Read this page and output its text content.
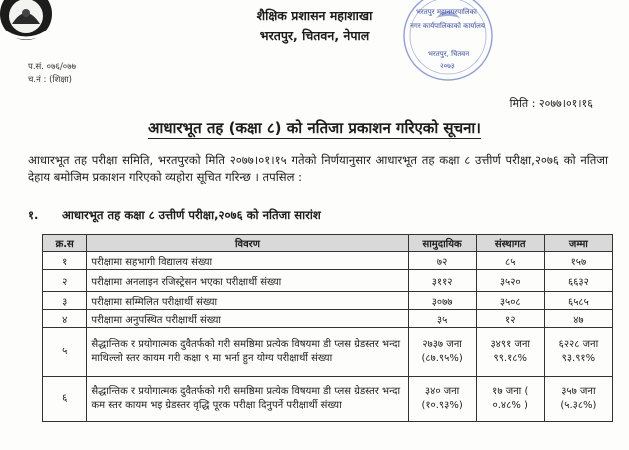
भरतपुर महानगरपालिका
नगर कार्यपालिकाको कार्यालय
भरतपुर, चितवन
२०७३
शैक्षिक प्रशासन महाशाखा
भरतपुर, चितवन, नेपाल
प.सं. ०७६/०७७
च.नं : (शिक्षा)
मिति : २०७७।०१।१६
आधारभूत तह (कक्षा ८) को नतिजा प्रकाशन गरिएको सूचना।
आधारभूत तह परीक्षा समिति, भरतपुरको मिति २०७७।०१।१५ गतेको निर्णयानुसार आधारभूत तह कक्षा ८ उत्तीर्ण परीक्षा,२०७६ को नतिजा देहाय बमोजिम प्रकाशन गरिएको व्यहोरा सूचित गरिन्छ । तपसिल :
१. आधारभूत तह कक्षा ८ उत्तीर्ण परीक्षा,२०७६ को नतिजा सारांश
क्र.स	विवरण	सामुदायिक	संस्थागत	जम्मा
१	परीक्षामा सहभागी विद्यालय संख्या	७२	८५	१५७
२	परीक्षामा अनलाइन रजिस्ट्रेसन भएका परीक्षार्थी संख्या	३११२	३५२०	६६३२
३	परीक्षामा सम्मिलित परीक्षार्थी संख्या	३०७७	३५०८	६५८५
४	परीक्षामा अनुपस्थित परीक्षार्थी संख्या	३५	१२	४७
५	सैद्धान्तिक र प्रयोगात्मक दुवैतर्फको गरी समष्ठिमा प्रत्येक विषयमा डी प्लस ग्रेडस्तर भन्दा माथिल्लो स्तर कायम गरी कक्षा ९ मा भर्ना हुन योग्य परीक्षार्थी संख्या	२७३७ जना (८७.९५%)	३४९१ जना ९९.१८%	६२२८ जना ९३.९१%
६	सैद्धान्तिक र प्रयोगात्मक दुवैतर्फको गरी समष्ठिमा प्रत्येक विषयमा डी प्लस ग्रेडस्तर भन्दा कम स्तर कायम भइ ग्रेडस्तर वृद्धि पूरक परीक्षा दिनुपर्ने परीक्षार्थी संख्या	३४० जना (१०.९३%)	१७ जना ( ०.४८% )	३५७ जना (५.३८%)
